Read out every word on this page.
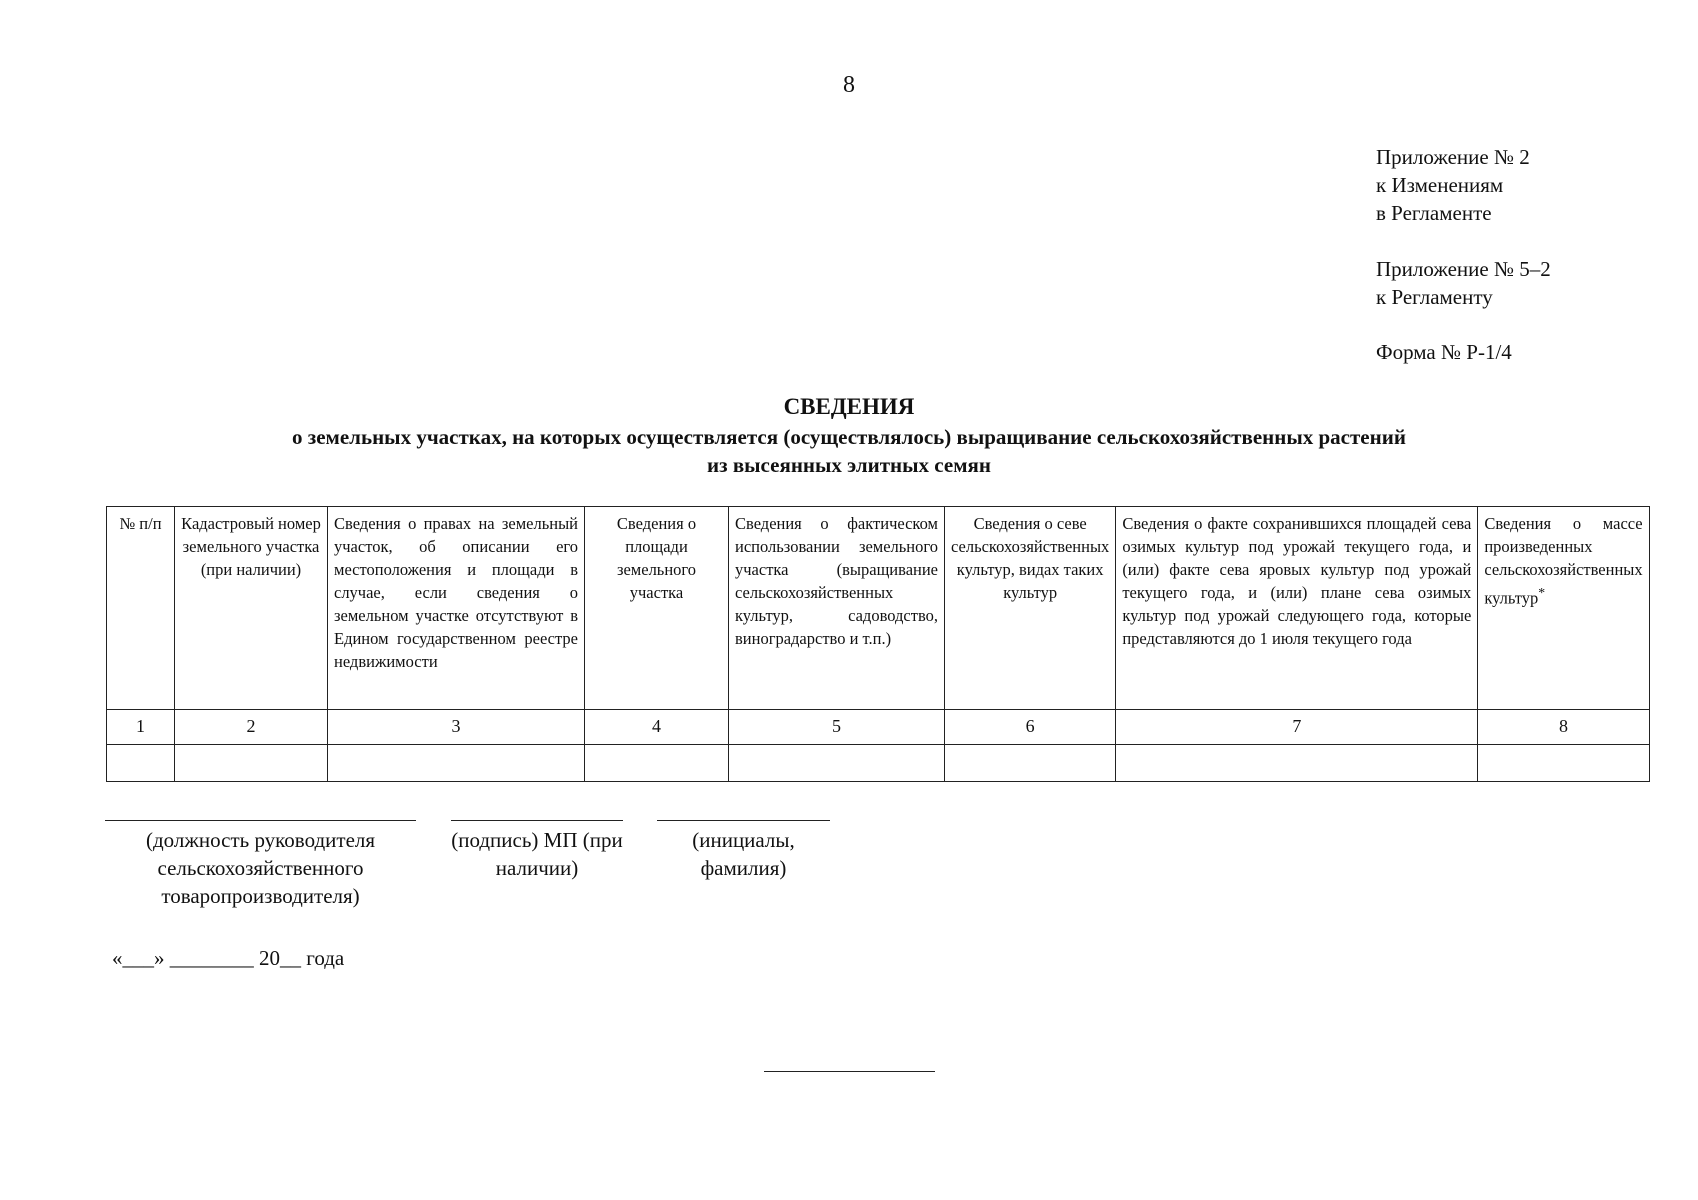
8
Приложение № 2
к Изменениям
в Регламенте
Приложение № 5–2
к Регламенту
Форма № Р-1/4
СВЕДЕНИЯ
о земельных участках, на которых осуществляется (осуществлялось) выращивание сельскохозяйственных растений
из высеянных элитных семян
№ п/п	Кадастровый номер земельного участка (при наличии)	Сведения о правах на земельный участок, об описании его местоположения и площади в случае, если сведения о земельном участке отсутствуют в Едином государственном реестре недвижимости	Сведения о площади земельного участка	Сведения о фактическом использовании земельного участка (выращивание сельскохозяйственных культур, садоводство, виноградарство и т.п.)	Сведения о севе сельскохозяйственных культур, видах таких культур	Сведения о факте сохранившихся площадей сева озимых культур под урожай текущего года, и (или) факте сева яровых культур под урожай текущего года, и (или) плане сева озимых культур под урожай следующего года, которые представляются до 1 июля текущего года	Сведения о массе произведенных сельскохозяйственных культур*
1	2	3	4	5	6	7	8

(должность руководителя сельскохозяйственного товаропроизводителя)
(подпись) МП (при наличии)
(инициалы, фамилия)
«___» ________ 20__ года
